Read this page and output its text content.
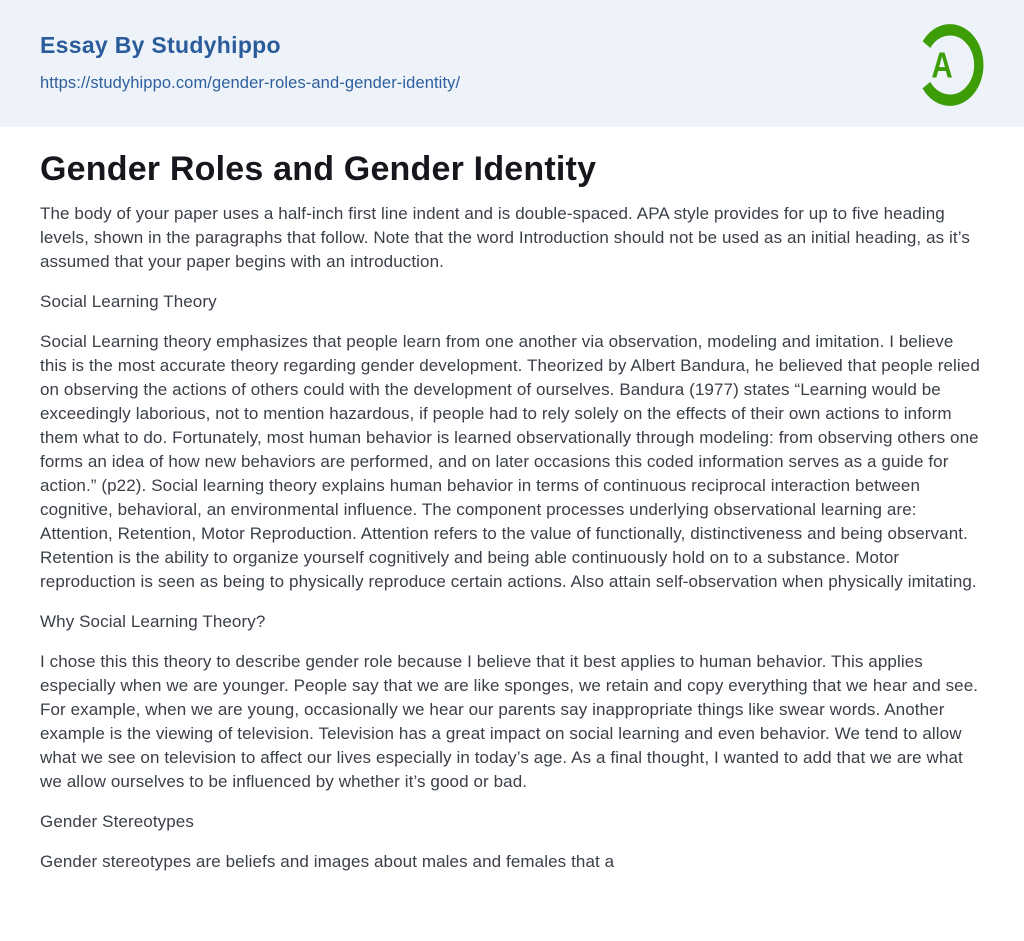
Essay By Studyhippo
https://studyhippo.com/gender-roles-and-gender-identity/	A
Gender Roles and Gender Identity

The body of your paper uses a half-inch first line indent and is double-spaced. APA style provides for up to five heading levels, shown in the paragraphs that follow. Note that the word Introduction should not be used as an initial heading, as it’s assumed that your paper begins with an introduction.

Social Learning Theory

Social Learning theory emphasizes that people learn from one another via observation, modeling and imitation. I believe this is the most accurate theory regarding gender development. Theorized by Albert Bandura, he believed that people relied on observing the actions of others could with the development of ourselves. Bandura (1977) states “Learning would be exceedingly laborious, not to mention hazardous, if people had to rely solely on the effects of their own actions to inform them what to do. Fortunately, most human behavior is learned observationally through modeling: from observing others one forms an idea of how new behaviors are performed, and on later occasions this coded information serves as a guide for action.” (p22). Social learning theory explains human behavior in terms of continuous reciprocal interaction between cognitive, behavioral, an environmental influence. The component processes underlying observational learning are: Attention, Retention, Motor Reproduction. Attention refers to the value of functionally, distinctiveness and being observant. Retention is the ability to organize yourself cognitively and being able continuously hold on to a substance. Motor reproduction is seen as being to physically reproduce certain actions. Also attain self-observation when physically imitating.

Why Social Learning Theory?

I chose this this theory to describe gender role because I believe that it best applies to human behavior. This applies especially when we are younger. People say that we are like sponges, we retain and copy everything that we hear and see. For example, when we are young, occasionally we hear our parents say inappropriate things like swear words. Another example is the viewing of television. Television has a great impact on social learning and even behavior. We tend to allow what we see on television to affect our lives especially in today’s age. As a final thought, I wanted to add that we are what we allow ourselves to be influenced by whether it’s good or bad.

Gender Stereotypes

Gender stereotypes are beliefs and images about males and females that a
